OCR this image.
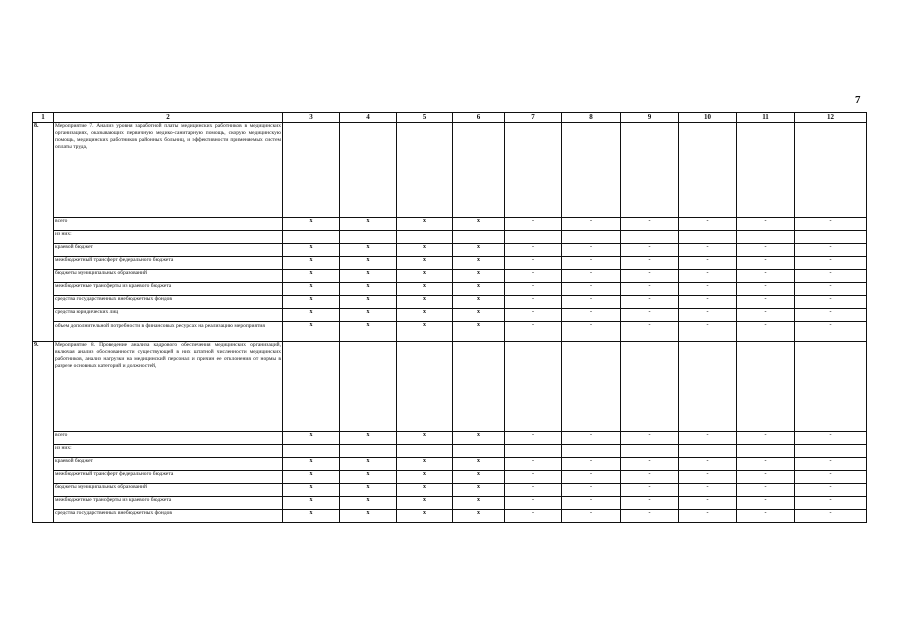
7
1	2	3	4	5	6	7	8	9	10	11	12
8.	Мероприятие 7. Анализ уровня заработной платы медицинских работников в медицинских организациях, оказывающих первичную медико-санитарную помощь, скорую медицинскую помощь, медицинских работников районных больниц, и эффективности применяемых систем оплаты труда,										
	всего	x	x	x	x	-	-	-	-	-	-
	из них:										
	краевой бюджет	x	x	x	x	-	-	-	-	-	-
	межбюджетный трансферт федерального бюджета	x	x	x	x	-	-	-	-	-	-
	бюджеты муниципальных образований	x	x	x	x	-	-	-	-	-	-
	межбюджетные трансферты из краевого бюджета	x	x	x	x	-	-	-	-	-	-
	средства государственных внебюджетных фондов	x	x	x	x	-	-	-	-	-	-
	средства юридических лиц	x	x	x	x	-	-	-	-	-	-
	объем дополнительной потребности в финансовых ресурсах на реализацию мероприятия	x	x	x	x	-	-	-	-	-	-
9.	Мероприятие 8. Проведение анализа кадрового обеспечения медицинских организаций, включая анализ обоснованности существующей в них штатной численности медицинских работников, анализ нагрузки на медицинский персонал и причин ее отклонения от нормы в разрезе основных категорий и должностей,										
	всего	x	x	x	x	-	-	-	-	-	-
	из них:										
	краевой бюджет	x	x	x	x	-	-	-	-	-	-
	межбюджетный трансферт федерального бюджета	x	x	x	x	-	-	-	-	-	-
	бюджеты муниципальных образований	x	x	x	x	-	-	-	-	-	-
	межбюджетные трансферты из краевого бюджета	x	x	x	x	-	-	-	-	-	-
	средства государственных внебюджетных фондов	x	x	x	x	-	-	-	-	-	-
